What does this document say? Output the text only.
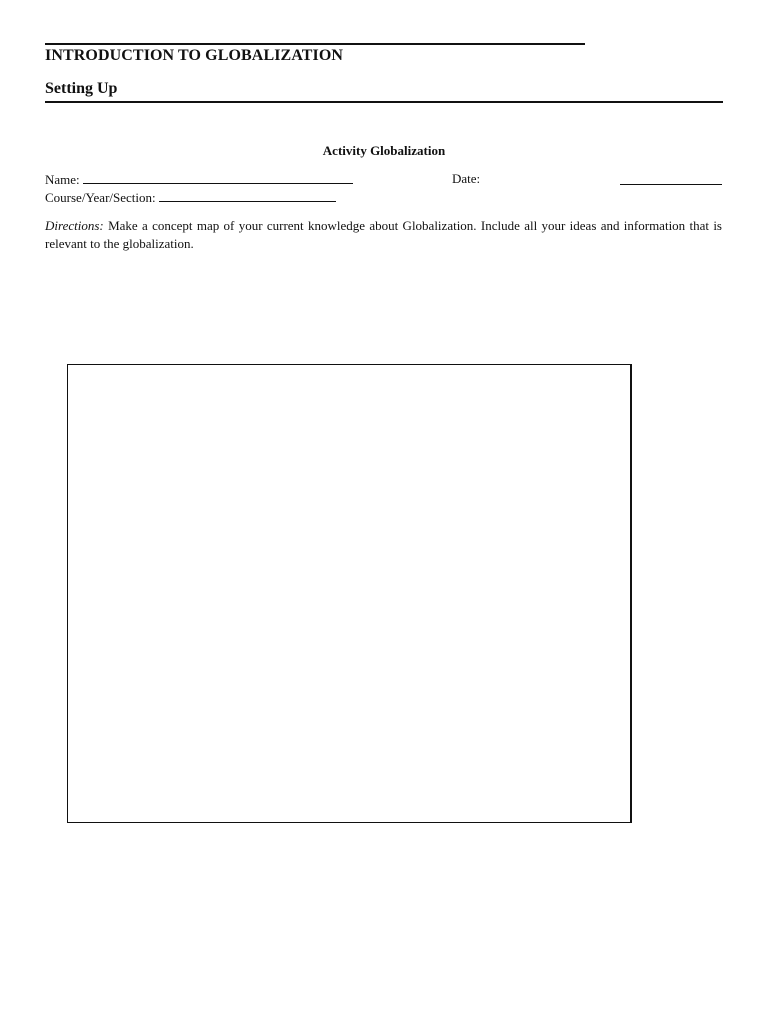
INTRODUCTION TO GLOBALIZATION
Setting Up
Activity Globalization
Name:	Date:
Course/Year/Section:
Directions: Make a concept map of your current knowledge about Globalization. Include all your ideas and information that is relevant to the globalization.
